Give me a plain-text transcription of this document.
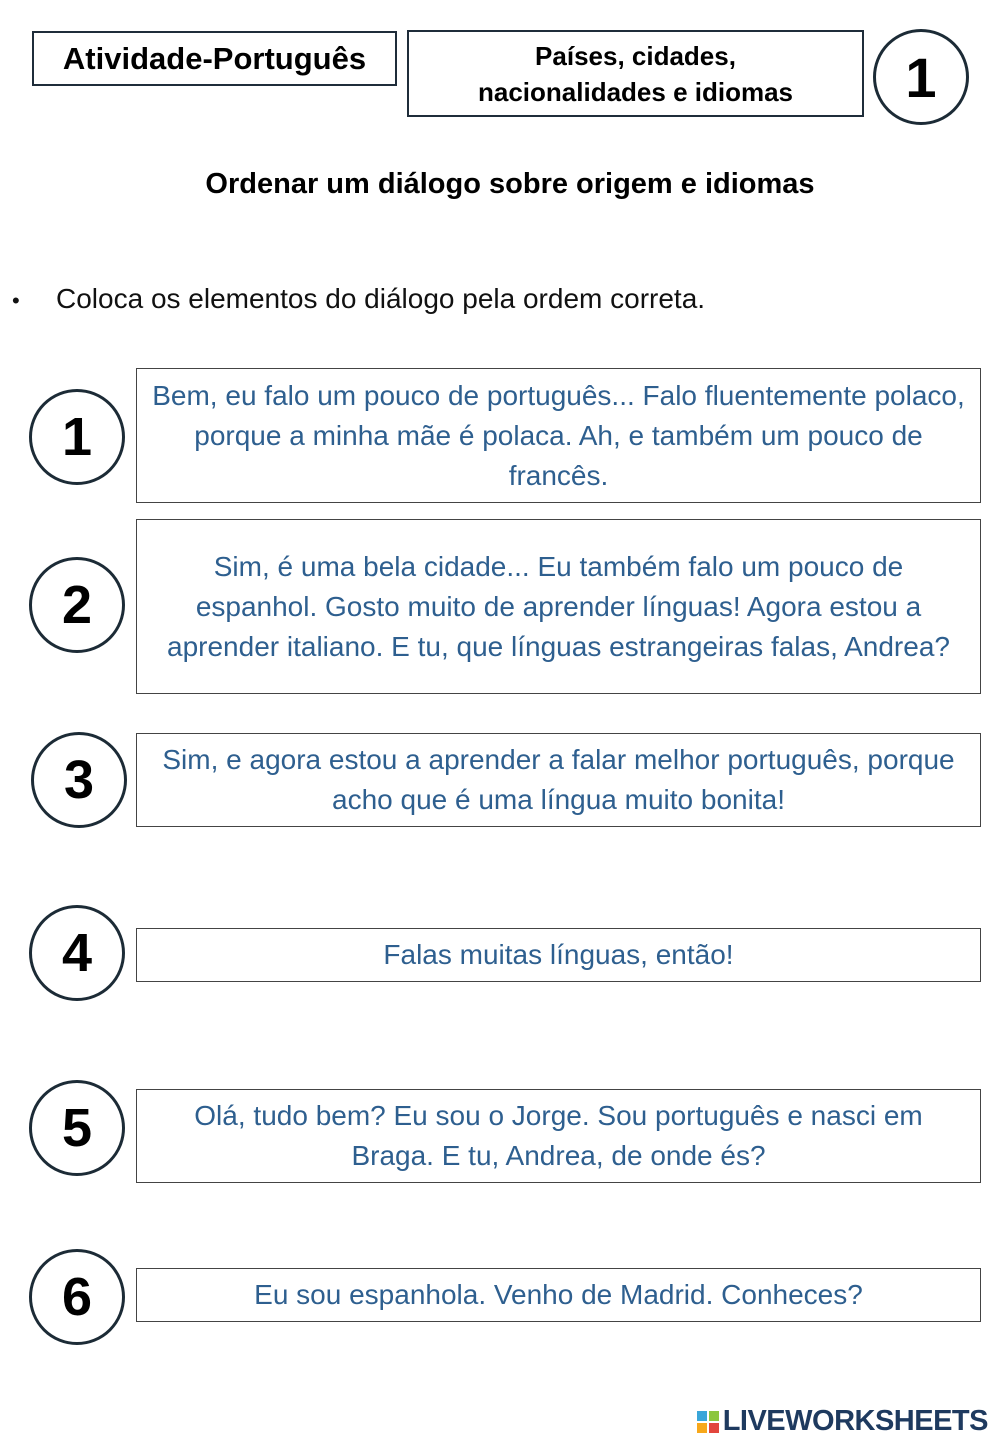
Atividade-Português	Países, cidades,
nacionalidades e idiomas 1
Ordenar um diálogo sobre origem e idiomas
• Coloca os elementos do diálogo pela ordem correta.
1
Bem, eu falo um pouco de português... Falo fluentemente polaco, porque a minha mãe é polaca. Ah, e também um pouco de francês.
2
Sim, é uma bela cidade... Eu também falo um pouco de espanhol. Gosto muito de aprender línguas! Agora estou a aprender italiano. E tu, que línguas estrangeiras falas, Andrea?
3	Sim, e agora estou a aprender a falar melhor português, porque acho que é uma língua muito bonita!
4	Falas muitas línguas, então!
5	Olá, tudo bem? Eu sou o Jorge. Sou português e nasci em Braga. E tu, Andrea, de onde és?
6	Eu sou espanhola. Venho de Madrid. Conheces?
LIVEWORKSHEETS
